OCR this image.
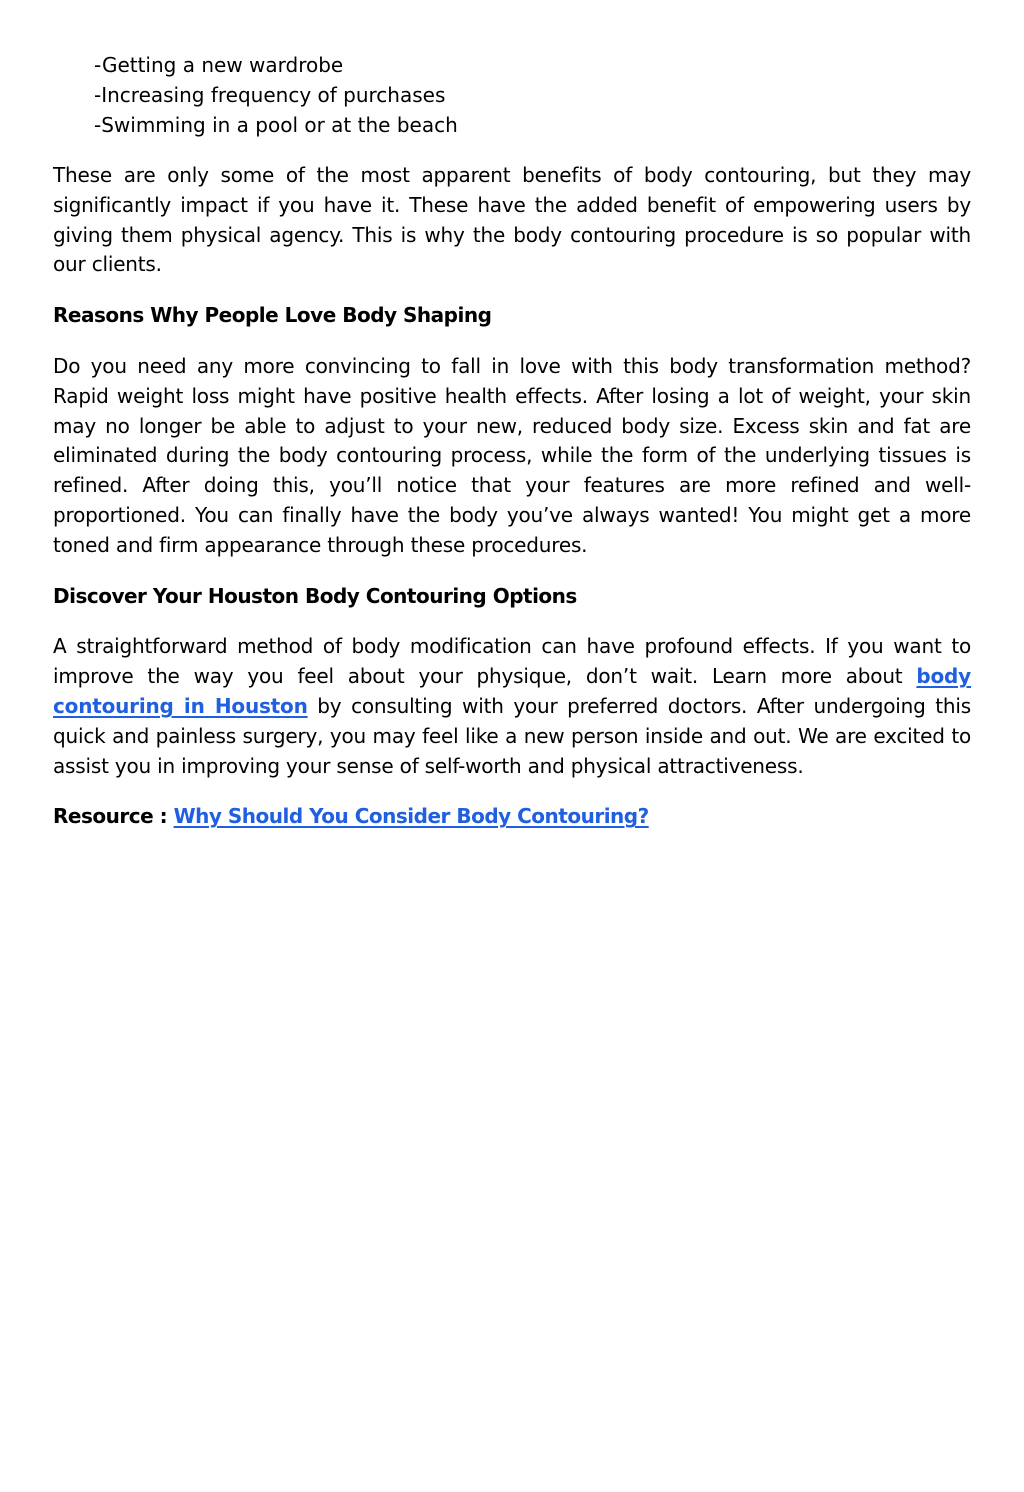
-Getting a new wardrobe
-Increasing frequency of purchases
-Swimming in a pool or at the beach

These are only some of the most apparent benefits of body contouring, but they may significantly impact if you have it. These have the added benefit of empowering users by giving them physical agency. This is why the body contouring procedure is so popular with our clients.

Reasons Why People Love Body Shaping

Do you need any more convincing to fall in love with this body transformation method? Rapid weight loss might have positive health effects. After losing a lot of weight, your skin may no longer be able to adjust to your new, reduced body size. Excess skin and fat are eliminated during the body contouring process, while the form of the underlying tissues is refined. After doing this, you’ll notice that your features are more refined and well-proportioned. You can finally have the body you’ve always wanted! You might get a more toned and firm appearance through these procedures.

Discover Your Houston Body Contouring Options

A straightforward method of body modification can have profound effects. If you want to improve the way you feel about your physique, don’t wait. Learn more about body contouring in Houston by consulting with your preferred doctors. After undergoing this quick and painless surgery, you may feel like a new person inside and out. We are excited to assist you in improving your sense of self-worth and physical attractiveness.

Resource : Why Should You Consider Body Contouring?
